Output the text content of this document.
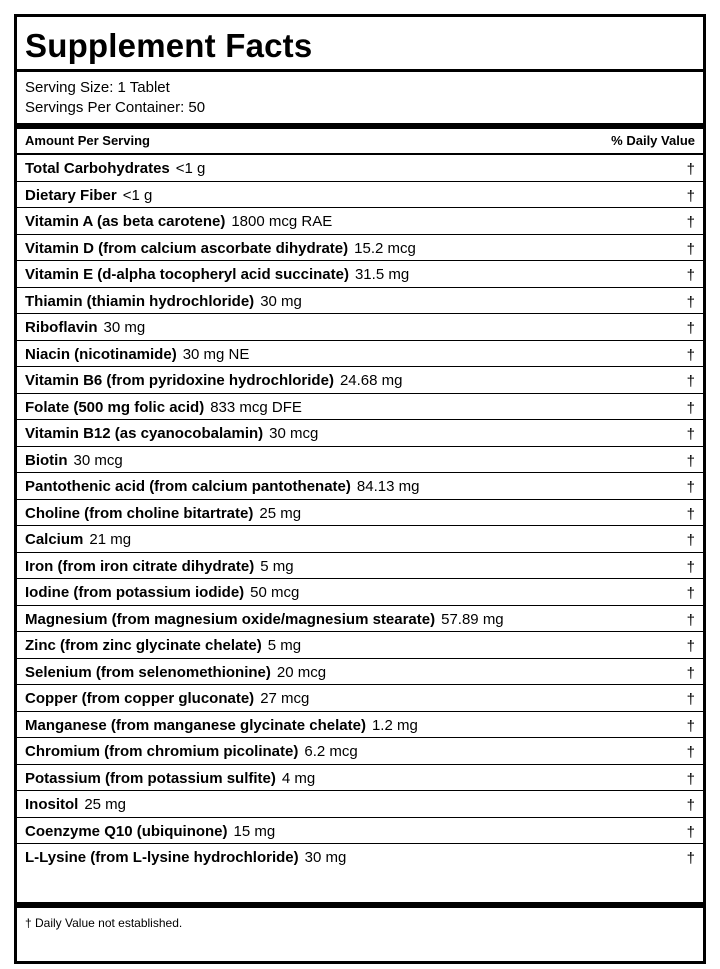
Supplement Facts
Serving Size: 1 Tablet
Servings Per Container: 50
Amount Per Serving	% Daily Value
Total Carbohydrates <1 g	†
Dietary Fiber <1 g	†
Vitamin A (as beta carotene) 1800 mcg RAE	†
Vitamin D (from calcium ascorbate dihydrate) 15.2 mcg	†
Vitamin E (d-alpha tocopheryl acid succinate) 31.5 mg	†
Thiamin (thiamin hydrochloride) 30 mg	†
Riboflavin 30 mg	†
Niacin (nicotinamide) 30 mg NE	†
Vitamin B6 (from pyridoxine hydrochloride) 24.68 mg	†
Folate (500 mg folic acid) 833 mcg DFE	†
Vitamin B12 (as cyanocobalamin) 30 mcg	†
Biotin 30 mcg	†
Pantothenic acid (from calcium pantothenate) 84.13 mg	†
Choline (from choline bitartrate) 25 mg	†
Calcium 21 mg	†
Iron (from iron citrate dihydrate) 5 mg	†
Iodine (from potassium iodide) 50 mcg	†
Magnesium (from magnesium oxide/magnesium stearate) 57.89 mg	†
Zinc (from zinc glycinate chelate) 5 mg	†
Selenium (from selenomethionine) 20 mcg	†
Copper (from copper gluconate) 27 mcg	†
Manganese (from manganese glycinate chelate) 1.2 mg	†
Chromium (from chromium picolinate) 6.2 mcg	†
Potassium (from potassium sulfite) 4 mg	†
Inositol 25 mg	†
Coenzyme Q10 (ubiquinone) 15 mg	†
L-Lysine (from L-lysine hydrochloride) 30 mg	†
† Daily Value not established.
